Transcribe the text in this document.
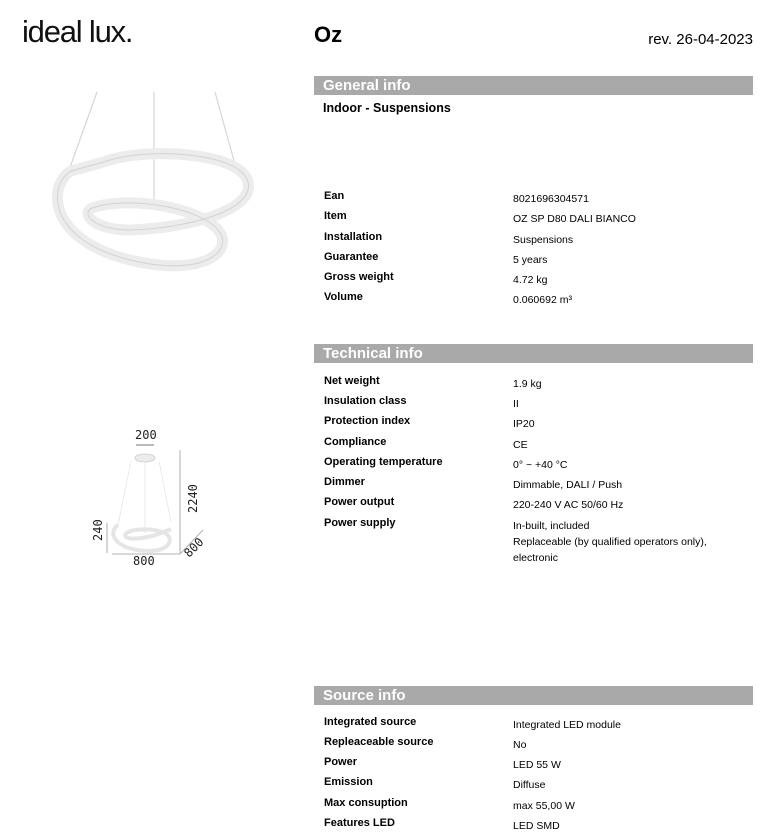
ideal lux.	Oz	rev. 26-04-2023
200
2240
240
800
800
General info
Indoor - Suspensions
Ean	8021696304571
Item	OZ SP D80 DALI BIANCO
Installation	Suspensions
Guarantee	5 years
Gross weight	4.72 kg
Volume	0.060692 m³
Technical info
Net weight	1.9 kg
Insulation class	II
Protection index	IP20
Compliance	CE
Operating temperature	0° ~ +40 °C
Dimmer	Dimmable, DALI / Push
Power output	220-240 V AC 50/60 Hz
Power supply	In-built, included
Replaceable (by qualified operators only),
electronic
Source info
Integrated source	Integrated LED module
Repleaceable source	No
Power	LED 55 W
Emission	Diffuse
Max consuption	max 55,00 W
Features LED	LED SMD
